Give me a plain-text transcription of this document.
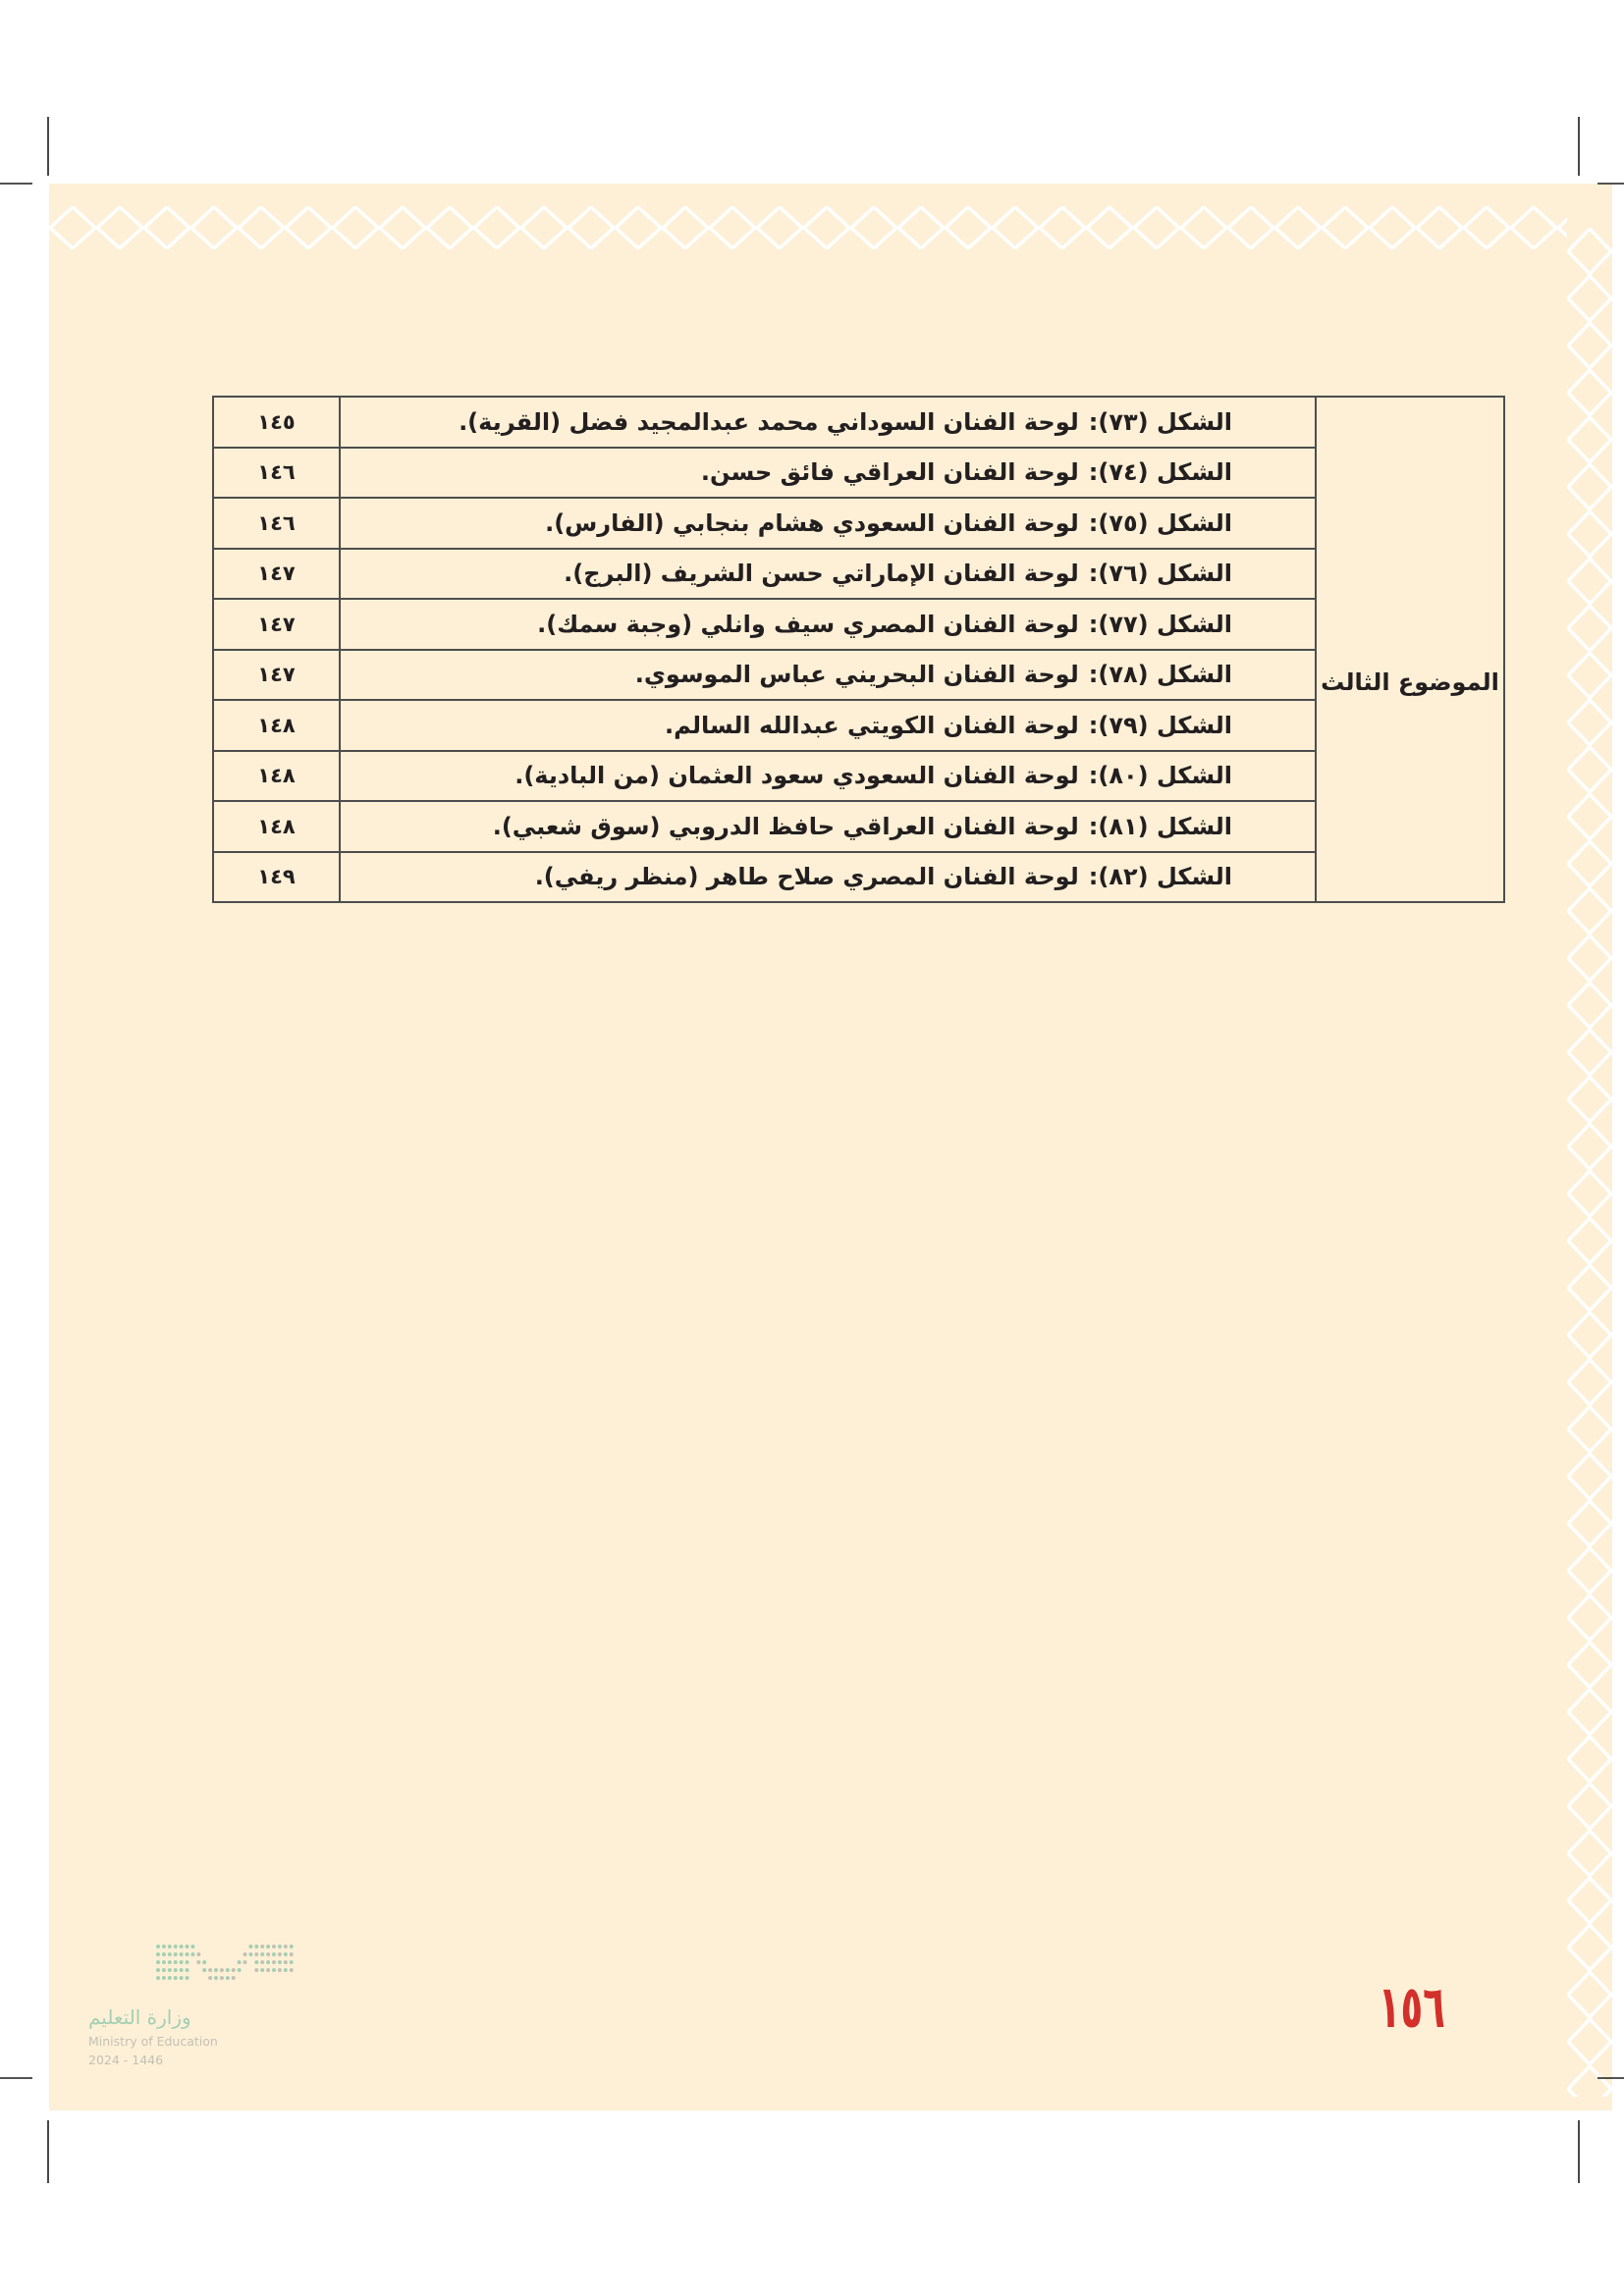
الموضوع الثالث	الشكل (٧٣):لوحة الفنان السوداني محمد عبدالمجيد فضل (القرية).	١٤٥
	الشكل (٧٤):لوحة الفنان العراقي فائق حسن.	١٤٦
	الشكل (٧٥):لوحة الفنان السعودي هشام بنجابي (الفارس).	١٤٦
	الشكل (٧٦):لوحة الفنان الإماراتي حسن الشريف (البرج).	١٤٧
	الشكل (٧٧):لوحة الفنان المصري سيف وانلي (وجبة سمك).	١٤٧
	الشكل (٧٨):لوحة الفنان البحريني عباس الموسوي.	١٤٧
	الشكل (٧٩):لوحة الفنان الكويتي عبدالله السالم.	١٤٨
	الشكل (٨٠):لوحة الفنان السعودي سعود العثمان (من البادية).	١٤٨
	الشكل (٨١):لوحة الفنان العراقي حافظ الدروبي (سوق شعبي).	١٤٨
	الشكل (٨٢):لوحة الفنان المصري صلاح طاهر (منظر ريفي).	١٤٩
١٥٦
وزارة التعليم
Ministry of Education
2024 - 1446
